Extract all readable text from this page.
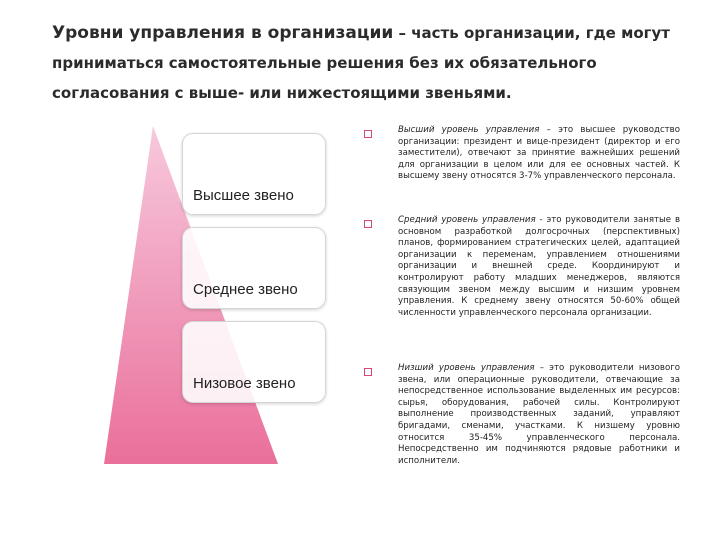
Уровни управления в организации – часть организации, где могут приниматься самостоятельные решения без их обязательного согласования с выше- или нижестоящими звеньями.
Высшее звено
Среднее звено
Низовое звено

Высший уровень управления – это высшее руководство организации: президент и вице-президент (директор и его заместители), отвечают за принятие важнейших решений для организации в целом или для ее основных частей. К высшему звену относятся 3-7% управленческого персонала.

Средний уровень управления - это руководители занятые в основном разработкой долгосрочных (перспективных) планов, формированием стратегических целей, адаптацией организации к переменам, управлением отношениями организации и внешней среде. Координируют и контролируют работу младших менеджеров, являются связующим звеном между высшим и низшим уровнем управления. К среднему звену относятся 50-60% общей численности управленческого персонала организации.

Низший уровень управления – это руководители низового звена, или операционные руководители, отвечающие за непосредственное использование выделенных им ресурсов: сырья, оборудования, рабочей силы. Контролируют выполнение производственных заданий, управляют бригадами, сменами, участками. К низшему уровню относится 35-45% управленческого персонала. Непосредственно им подчиняются рядовые работники и исполнители.
